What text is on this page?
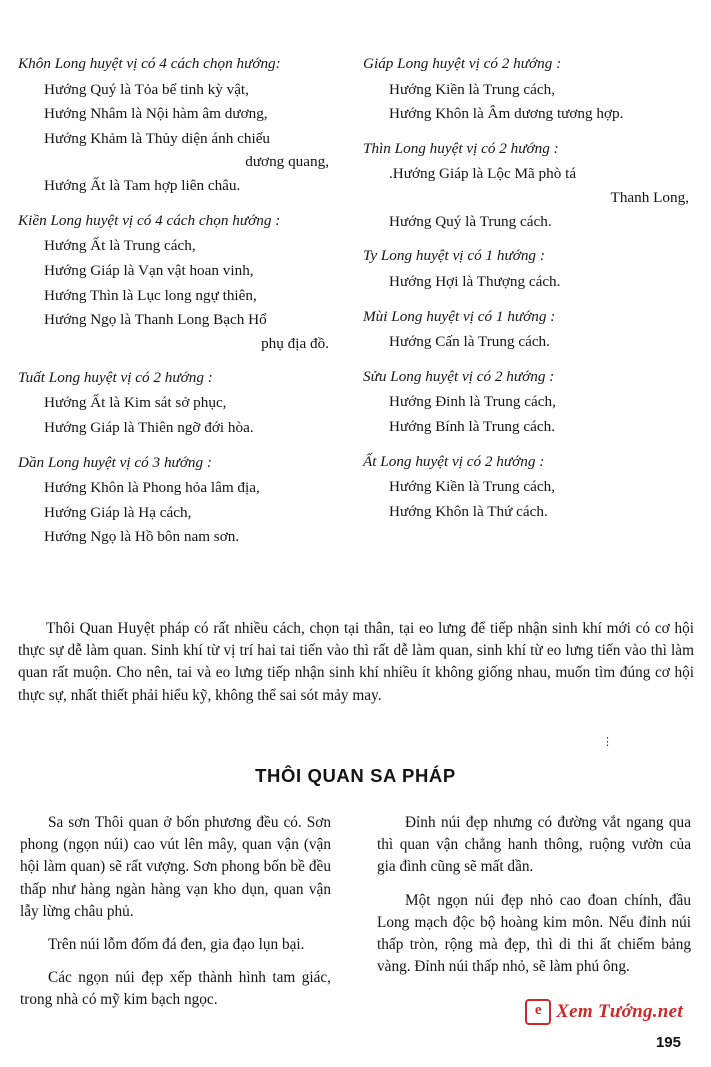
Khôn Long huyệt vị có 4 cách chọn hướng:
Hướng Quý là Tỏa bế tinh kỳ vật,
Hướng Nhâm là Nội hàm âm dương,
Hướng Khảm là Thủy diện ánh chiếu
dương quang,
Hướng Ất là Tam hợp liên châu.
Kiền Long huyệt vị có 4 cách chọn hướng :
Hướng Ất là Trung cách,
Hướng Giáp là Vạn vật hoan vinh,
Hướng Thìn là Lục long ngự thiên,
Hướng Ngọ là Thanh Long Bạch Hổ
phụ địa đồ.
Tuất Long huyệt vị có 2 hướng :
Hướng Ất là Kim sát sở phục,
Hướng Giáp là Thiên ngỡ đới hòa.
Dần Long huyệt vị có 3 hướng :
Hướng Khôn là Phong hỏa lâm địa,
Hướng Giáp là Hạ cách,
Hướng Ngọ là Hồ bôn nam sơn.
Giáp Long huyệt vị có 2 hướng :
Hướng Kiền là Trung cách,
Hướng Khôn là Âm dương tương hợp.
Thìn Long huyệt vị có 2 hướng :
.Hướng Giáp là Lộc Mã phò tá
Thanh Long,
Hướng Quý là Trung cách.
Ty Long huyệt vị có 1 hướng :
Hướng Hợi là Thượng cách.
Mùi Long huyệt vị có 1 hướng :
Hướng Cấn là Trung cách.
Sửu Long huyệt vị có 2 hướng :
Hướng Đinh là Trung cách,
Hướng Bính là Trung cách.
Ất Long huyệt vị có 2 hướng :
Hướng Kiền là Trung cách,
Hướng Khôn là Thứ cách.

Thôi Quan Huyệt pháp có rất nhiều cách, chọn tại thân, tại eo lưng để tiếp nhận sinh khí mới có cơ hội thực sự dễ làm quan. Sinh khí từ vị trí hai tai tiến vào thì rất dễ làm quan, sinh khí từ eo lưng tiến vào thì làm quan rất muộn. Cho nên, tai và eo lưng tiếp nhận sinh khí nhiều ít không giống nhau, muốn tìm đúng cơ hội thực sự, nhất thiết phải hiểu kỹ, không thể sai sót mảy may.

⋮
THÔI QUAN SA PHÁP

Sa sơn Thôi quan ở bốn phương đều có. Sơn phong (ngọn núi) cao vút lên mây, quan vận (vận hội làm quan) sẽ rất vượng. Sơn phong bốn bề đều thấp như hàng ngàn hàng vạn kho dụn, quan vận lẫy lừng châu phủ.

Trên núi lỗm đốm đá đen, gia đạo lụn bại.

Các ngọn núi đẹp xếp thành hình tam giác, trong nhà có mỹ kim bạch ngọc.

Đỉnh núi đẹp nhưng có đường vắt ngang qua thì quan vận chẳng hanh thông, ruộng vườn của gia đình cũng sẽ mất dần.

Một ngọn núi đẹp nhỏ cao đoan chính, đầu Long mạch độc bộ hoàng kim môn. Nếu đỉnh núi thấp tròn, rộng mà đẹp, thì di thi ất chiếm bảng vàng. Đỉnh núi thấp nhỏ, sẽ làm phú ông.

e Xem Tướng.net
195
